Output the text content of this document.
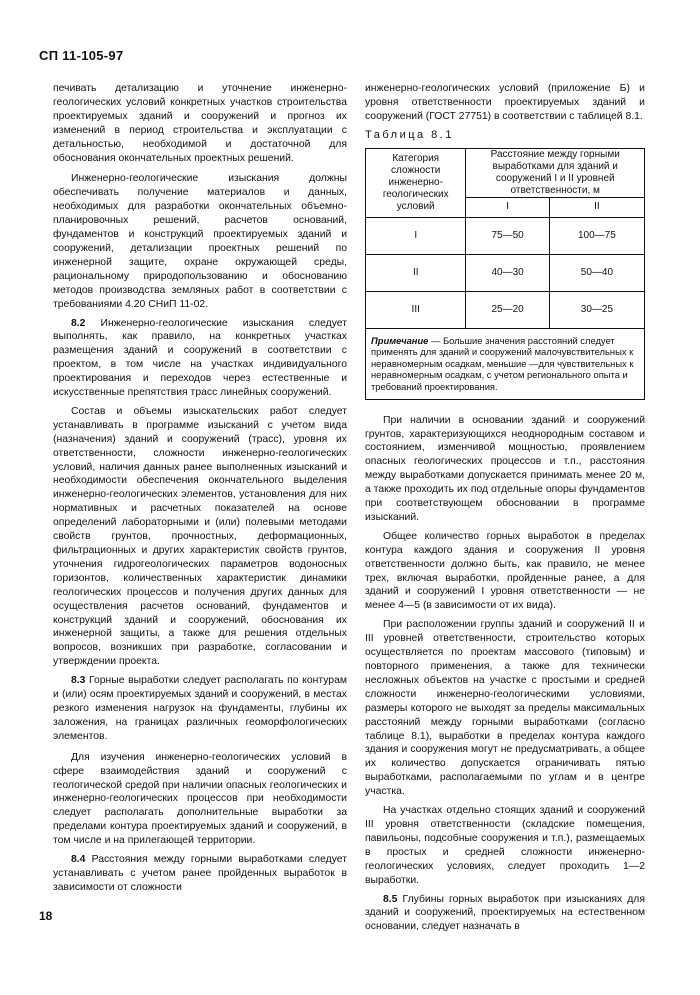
СП 11-105-97

печивать детализацию и уточнение инженерно-геологических условий конкретных участков строительства проектируемых зданий и сооружений и прогноз их изменений в период строительства и эксплуатации с детальностью, необходимой и достаточной для обоснования окончательных проектных решений.

Инженерно-геологические изыскания должны обеспечивать получение материалов и данных, необходимых для разработки окончательных объемно-планировочных решений, расчетов оснований, фундаментов и конструкций проектируемых зданий и сооружений, детализации проектных решений по инженерной защите, охране окружающей среды, рациональному природопользованию и обоснованию методов производства земляных работ в соответствии с требованиями 4.20 СНиП 11-02.

8.2 Инженерно-геологические изыскания следует выполнять, как правило, на конкретных участках размещения зданий и сооружений в соответствии с проектом, в том числе на участках индивидуального проектирования и переходов через естественные и искусственные препятствия трасс линейных сооружений.

Состав и объемы изыскательских работ следует устанавливать в программе изысканий с учетом вида (назначения) зданий и сооружений (трасс), уровня их ответственности, сложности инженерно-геологических условий, наличия данных ранее выполненных изысканий и необходимости обеспечения окончательного выделения инженерно-геологических элементов, установления для них нормативных и расчетных показателей на основе определений лабораторными и (или) полевыми методами свойств грунтов, прочностных, деформационных, фильтрационных и других характеристик свойств грунтов, уточнения гидрогеологических параметров водоносных горизонтов, количественных характеристик динамики геологических процессов и получения других данных для осуществления расчетов оснований, фундаментов и конструкций зданий и сооружений, обоснования их инженерной защиты, а также для решения отдельных вопросов, возникших при разработке, согласовании и утверждении проекта.

8.3 Горные выработки следует располагать по контурам и (или) осям проектируемых зданий и сооружений, в местах резкого изменения нагрузок на фундаменты, глубины их заложения, на границах различных геоморфологических элементов.

Для изучения инженерно-геологических условий в сфере взаимодействия зданий и сооружений с геологической средой при наличии опасных геологических и инженерно-геологических процессов при необходимости следует располагать дополнительные выработки за пределами контура проектируемых зданий и сооружений, в том числе и на прилегающей территории.

8.4 Расстояния между горными выработками следует устанавливать с учетом ранее пройденных выработок в зависимости от сложности

инженерно-геологических условий (приложение Б) и уровня ответственности проектируемых зданий и сооружений (ГОСТ 27751) в соответствии с таблицей 8.1.

Таблица 8.1

Категория сложности инженерно-геологических условий	Расстояние между горными выработками для зданий и сооружений I и II уровней ответственности, м	
	I	II
I	75—50	100—75
II	40—30	50—40
III	25—20	30—25
Примечание — Большие значения расстояний следует применять для зданий и сооружений малочувствительных к неравномерным осадкам, меньшие —для чувствительных к неравномерным осадкам, с учетом регионального опыта и требований проектирования.		

При наличии в основании зданий и сооружений грунтов, характеризующихся неоднородным составом и состоянием, изменчивой мощностью, проявлением опасных геологических процессов и т.п., расстояния между выработками допускается принимать менее 20 м, а также проходить их под отдельные опоры фундаментов при соответствующем обосновании в программе изысканий.

Общее количество горных выработок в пределах контура каждого здания и сооружения II уровня ответственности должно быть, как правило, не менее трех, включая выработки, пройденные ранее, а для зданий и сооружений I уровня ответственности — не менее 4—5 (в зависимости от их вида).

При расположении группы зданий и сооружений II и III уровней ответственности, строительство которых осуществляется по проектам массового (типовым) и повторного применения, а также для технически несложных объектов на участке с простыми и средней сложности инженерно-геологическими условиями, размеры которого не выходят за пределы максимальных расстояний между горными выработками (согласно таблице 8.1), выработки в пределах контура каждого здания и сооружения могут не предусматривать, а общее их количество допускается ограничивать пятью выработками, располагаемыми по углам и в центре участка.

На участках отдельно стоящих зданий и сооружений III уровня ответственности (складские помещения, павильоны, подсобные сооружения и т.п.), размещаемых в простых и средней сложности инженерно-геологических условиях, следует проходить 1—2 выработки.

8.5 Глубины горных выработок при изысканиях для зданий и сооружений, проектируемых на естественном основании, следует назначать в

18
